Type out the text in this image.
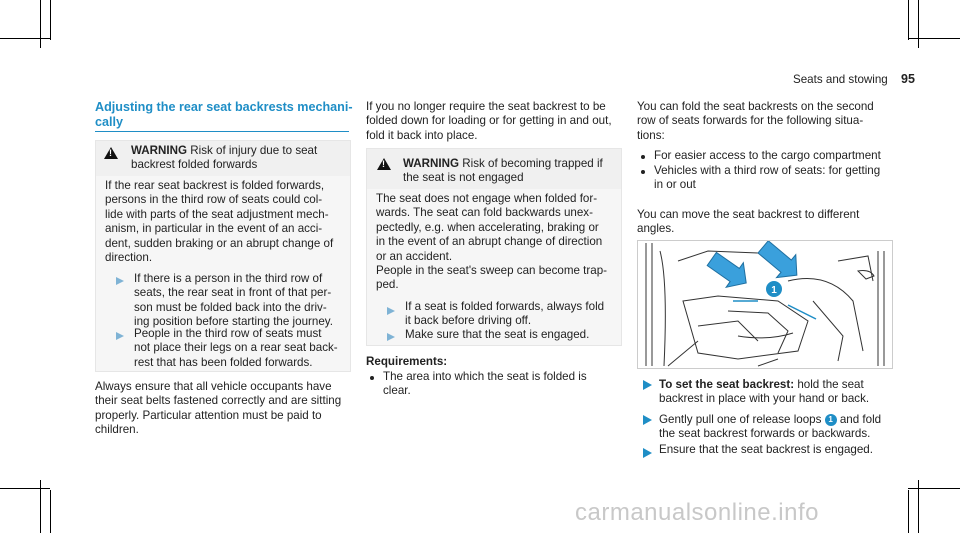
Seats and stowing 95
Adjusting the rear seat backrests mechani-
cally
!
WARNING Risk of injury due to seat
backrest folded forwards
If the rear seat backrest is folded forwards,
persons in the third row of seats could col-
lide with parts of the seat adjustment mech-
anism, in particular in the event of an acci-
dent, sudden braking or an abrupt change of
direction.
If there is a person in the third row of
seats, the rear seat in front of that per-
son must be folded back into the driv-
ing position before starting the journey.
People in the third row of seats must
not place their legs on a rear seat back-
rest that has been folded forwards.
Always ensure that all vehicle occupants have
their seat belts fastened correctly and are sitting
properly. Particular attention must be paid to
children.
If you no longer require the seat backrest to be
folded down for loading or for getting in and out,
fold it back into place.
!
WARNING Risk of becoming trapped if
the seat is not engaged
The seat does not engage when folded for-
wards. The seat can fold backwards unex-
pectedly, e.g. when accelerating, braking or
in the event of an abrupt change of direction
or an accident.
People in the seat's sweep can become trap-
ped.
If a seat is folded forwards, always fold
it back before driving off.
Make sure that the seat is engaged.
Requirements:
The area into which the seat is folded is
clear.
You can fold the seat backrests on the second
row of seats forwards for the following situa-
tions:
For easier access to the cargo compartment
Vehicles with a third row of seats: for getting
in or out
You can move the seat backrest to different
angles.
1
To set the seat backrest: hold the seat
backrest in place with your hand or back.
Gently pull one of release loops 1 and fold
the seat backrest forwards or backwards.
Ensure that the seat backrest is engaged.
carmanualsonline.info
